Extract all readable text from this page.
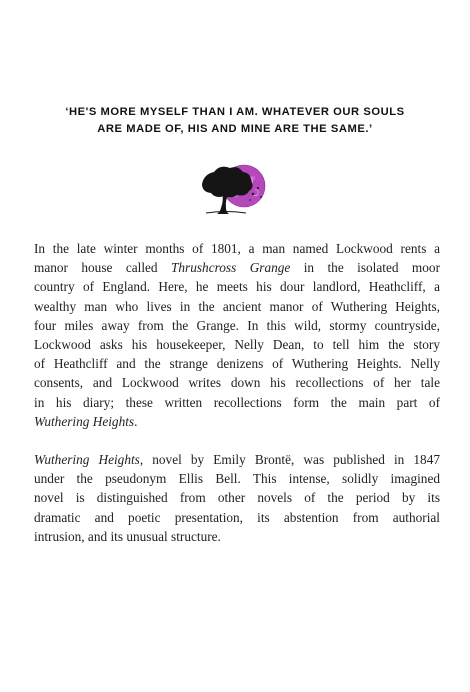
‘HE'S MORE MYSELF THAN I AM. WHATEVER OUR SOULS
ARE MADE OF, HIS AND MINE ARE THE SAME.’

In the late winter months of 1801, a man named Lockwood rents a
manor house called Thrushcross Grange in the isolated moor
country of England. Here, he meets his dour landlord, Heathcliff, a
wealthy man who lives in the ancient manor of Wuthering Heights,
four miles away from the Grange. In this wild, stormy countryside,
Lockwood asks his housekeeper, Nelly Dean, to tell him the story
of Heathcliff and the strange denizens of Wuthering Heights. Nelly
consents, and Lockwood writes down his recollections of her tale
in his diary; these written recollections form the main part of
Wuthering Heights.

Wuthering Heights, novel by Emily Brontë, was published in 1847
under the pseudonym Ellis Bell. This intense, solidly imagined
novel is distinguished from other novels of the period by its
dramatic and poetic presentation, its abstention from authorial
intrusion, and its unusual structure.
